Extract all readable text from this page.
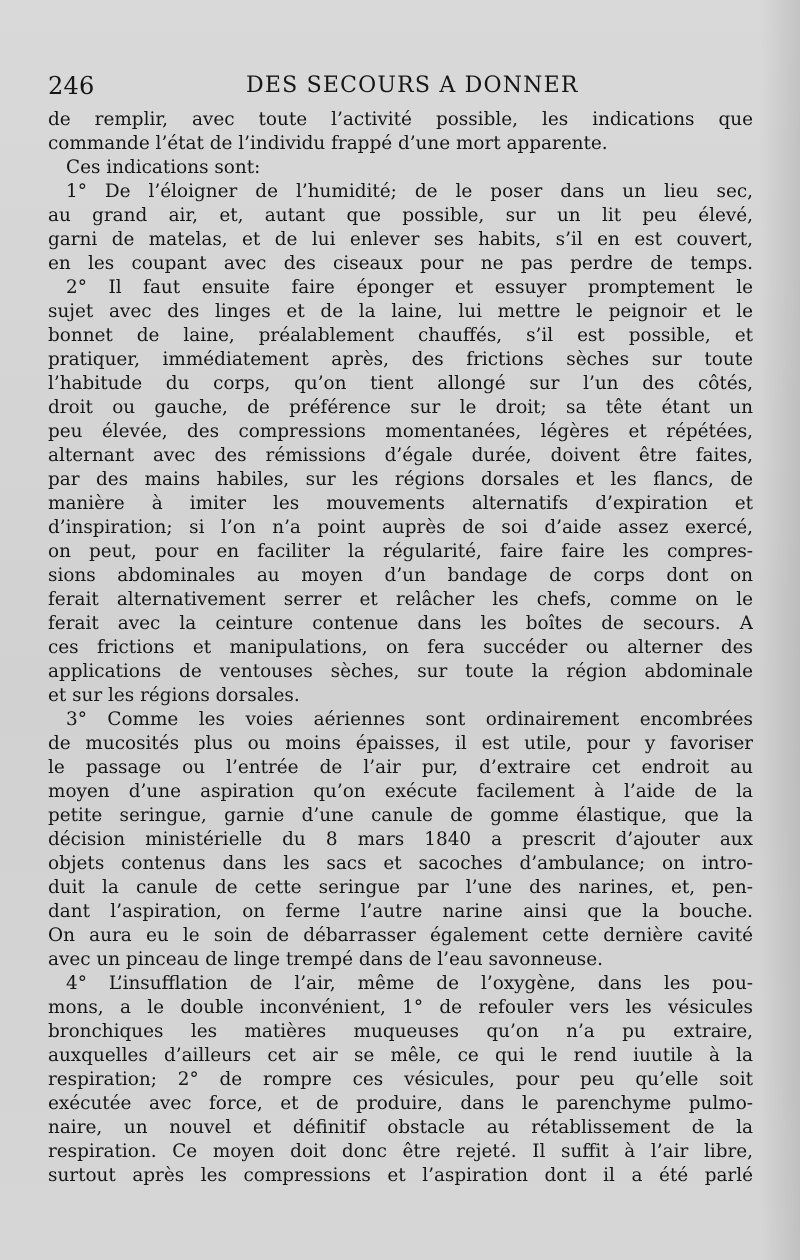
246	DES SECOURS A DONNER
de remplir, avec toute l’activité possible, les indications que
commande l’état de l’individu frappé d’une mort apparente.
Ces indications sont:
1° De l’éloigner de l’humidité; de le poser dans un lieu sec,
au grand air, et, autant que possible, sur un lit peu élevé,
garni de matelas, et de lui enlever ses habits, s’il en est couvert,
en les coupant avec des ciseaux pour ne pas perdre de temps.
2° Il faut ensuite faire éponger et essuyer promptement le
sujet avec des linges et de la laine, lui mettre le peignoir et le
bonnet de laine, préalablement chauffés, s’il est possible, et
pratiquer, immédiatement après, des frictions sèches sur toute
l’habitude du corps, qu’on tient allongé sur l’un des côtés,
droit ou gauche, de préférence sur le droit; sa tête étant un
peu élevée, des compressions momentanées, légères et répétées,
alternant avec des rémissions d’égale durée, doivent être faites,
par des mains habiles, sur les régions dorsales et les flancs, de
manière à imiter les mouvements alternatifs d’expiration et
d’inspiration; si l’on n’a point auprès de soi d’aide assez exercé,
on peut, pour en faciliter la régularité, faire faire les compres-
sions abdominales au moyen d’un bandage de corps dont on
ferait alternativement serrer et relâcher les chefs, comme on le
ferait avec la ceinture contenue dans les boîtes de secours. A
ces frictions et manipulations, on fera succéder ou alterner des
applications de ventouses sèches, sur toute la région abdominale
et sur les régions dorsales.
3° Comme les voies aériennes sont ordinairement encombrées
de mucosités plus ou moins épaisses, il est utile, pour y favoriser
le passage ou l’entrée de l’air pur, d’extraire cet endroit au
moyen d’une aspiration qu’on exécute facilement à l’aide de la
petite seringue, garnie d’une canule de gomme élastique, que la
décision ministérielle du 8 mars 1840 a prescrit d’ajouter aux
objets contenus dans les sacs et sacoches d’ambulance; on intro-
duit la canule de cette seringue par l’une des narines, et, pen-
dant l’aspiration, on ferme l’autre narine ainsi que la bouche.
On aura eu le soin de débarrasser également cette dernière cavité
avec un pinceau de linge trempé dans de l’eau savonneuse.
4° L’insufflation de l’air, même de l’oxygène, dans les pou-
mons, a le double inconvénient, 1° de refouler vers les vésicules
bronchiques les matières muqueuses qu’on n’a pu extraire,
auxquelles d’ailleurs cet air se mêle, ce qui le rend iuutile à la
respiration; 2° de rompre ces vésicules, pour peu qu’elle soit
exécutée avec force, et de produire, dans le parenchyme pulmo-
naire, un nouvel et définitif obstacle au rétablissement de la
respiration. Ce moyen doit donc être rejeté. Il suffit à l’air libre,
surtout après les compressions et l’aspiration dont il a été parlé
